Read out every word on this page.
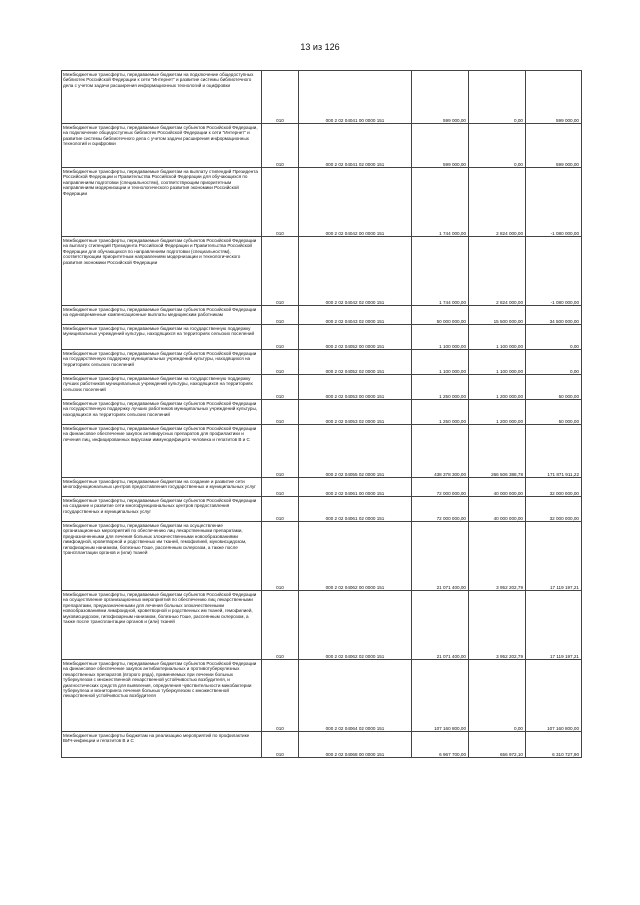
13 из 126
Межбюджетные трансферты, передаваемые бюджетам на подключение общедоступных библиотек Российской Федерации к сети "Интернет" и развитие системы библиотечного дела с учетом задачи расширения информационных технологий и оцифровки	010	000 2 02 04041 00 0000 151	599 000,00	0,00	599 000,00
Межбюджетные трансферты, передаваемые бюджетам субъектов Российской Федерации, на подключение общедоступных библиотек Российской Федерации к сети "Интернет" и развитие системы библиотечного дела с учетом задачи расширения информационных технологий и оцифровки	010	000 2 02 04041 02 0000 151	599 000,00	0,00	599 000,00
Межбюджетные трансферты, передаваемые бюджетам на выплату стипендий Президента Российской Федерации и Правительства Российской Федерации для обучающихся по направлениям подготовки (специальностям), соответствующим приоритетным направлениям модернизации и технологического развития экономики Российской Федерации	010	000 2 02 04042 00 0000 151	1 744 000,00	2 824 000,00	-1 080 000,00
Межбюджетные трансферты, передаваемые бюджетам субъектов Российской Федерации на выплату стипендий Президента Российской Федерации и Правительства Российской Федерации для обучающихся по направлениям подготовки (специальностям), соответствующим приоритетным направлениям модернизации и технологического развития экономики Российской Федерации	010	000 2 02 04042 02 0000 151	1 744 000,00	2 824 000,00	-1 080 000,00
Межбюджетные трансферты, передаваемые бюджетам субъектов Российской Федерации на единовременные компенсационные выплаты медицинским работникам	010	000 2 02 04043 02 0000 151	50 000 000,00	15 500 000,00	34 500 000,00
Межбюджетные трансферты, передаваемые бюджетам на государственную поддержку муниципальных учреждений культуры, находящихся на территориях сельских поселений	010	000 2 02 04052 00 0000 151	1 100 000,00	1 100 000,00	0,00
Межбюджетные трансферты, передаваемые бюджетам субъектов Российской Федерации на государственную поддержку муниципальных учреждений культуры, находящихся на территориях сельских поселений	010	000 2 02 04052 02 0000 151	1 100 000,00	1 100 000,00	0,00
Межбюджетные трансферты, передаваемые бюджетам на государственную поддержку лучших работников муниципальных учреждений культуры, находящихся на территориях сельских поселений	010	000 2 02 04053 00 0000 151	1 250 000,00	1 200 000,00	50 000,00
Межбюджетные трансферты, передаваемые бюджетам субъектов Российской Федерации на государственную поддержку лучших работников муниципальных учреждений культуры, находящихся на территориях сельских поселений	010	000 2 02 04053 02 0000 151	1 250 000,00	1 200 000,00	50 000,00
Межбюджетные трансферты, передаваемые бюджетам субъектов Российской Федерации на финансовое обеспечение закупок антивирусных препаратов для профилактики и лечения лиц, инфицированных вирусами иммунодефицита человека и гепатитов B и C	010	000 2 02 04055 02 0000 151	438 378 300,00	266 506 388,78	171 871 911,22
Межбюджетные трансферты, передаваемые бюджетам на создание и развитие сети многофункциональных центров предоставления государственных и муниципальных услуг	010	000 2 02 04061 00 0000 151	72 000 000,00	40 000 000,00	32 000 000,00
Межбюджетные трансферты, передаваемые бюджетам субъектов Российской Федерации на создание и развитие сети многофункциональных центров предоставления государственных и муниципальных услуг	010	000 2 02 04061 02 0000 151	72 000 000,00	40 000 000,00	32 000 000,00
Межбюджетные трансферты, передаваемые бюджетам на осуществление организационных мероприятий по обеспечению лиц лекарственными препаратами, предназначенными для лечения больных злокачественными новообразованиями лимфоидной, кроветворной и родственных им тканей, гемофилией, муковисцидозом, гипофизарным нанизмом, болезнью Гоше, рассеянным склерозом, а также после трансплантации органов и (или) тканей	010	000 2 02 04062 00 0000 151	21 071 400,00	3 952 202,79	17 119 197,21
Межбюджетные трансферты, передаваемые бюджетам субъектов Российской Федерации на осуществление организационных мероприятий по обеспечению лиц лекарственными препаратами, предназначенными для лечения больных злокачественными новообразованиями лимфоидной, кроветворной и родственных им тканей, гемофилией, муковисцидозом, гипофизарным нанизмом, болезнью Гоше, рассеянным склерозом, а также после трансплантации органов и (или) тканей	010	000 2 02 04062 02 0000 151	21 071 400,00	3 952 202,79	17 119 197,21
Межбюджетные трансферты, передаваемые бюджетам субъектов Российской Федерации на финансовое обеспечение закупок антибактериальных и противотуберкулезных лекарственных препаратов (второго ряда), применяемых при лечении больных туберкулезом с множественной лекарственной устойчивостью возбудителя, и диагностических средств для выявления, определения чувствительности микобактерии туберкулеза и мониторинга лечения больных туберкулезом с множественной лекарственной устойчивостью возбудителя	010	000 2 02 04064 02 0000 151	107 160 800,00	0,00	107 160 800,00
Межбюджетные трансферты бюджетам на реализацию мероприятий по профилактике ВИЧ-инфекции и гепатитов B и C	010	000 2 02 04068 00 0000 151	6 967 700,00	656 972,10	6 310 727,90
